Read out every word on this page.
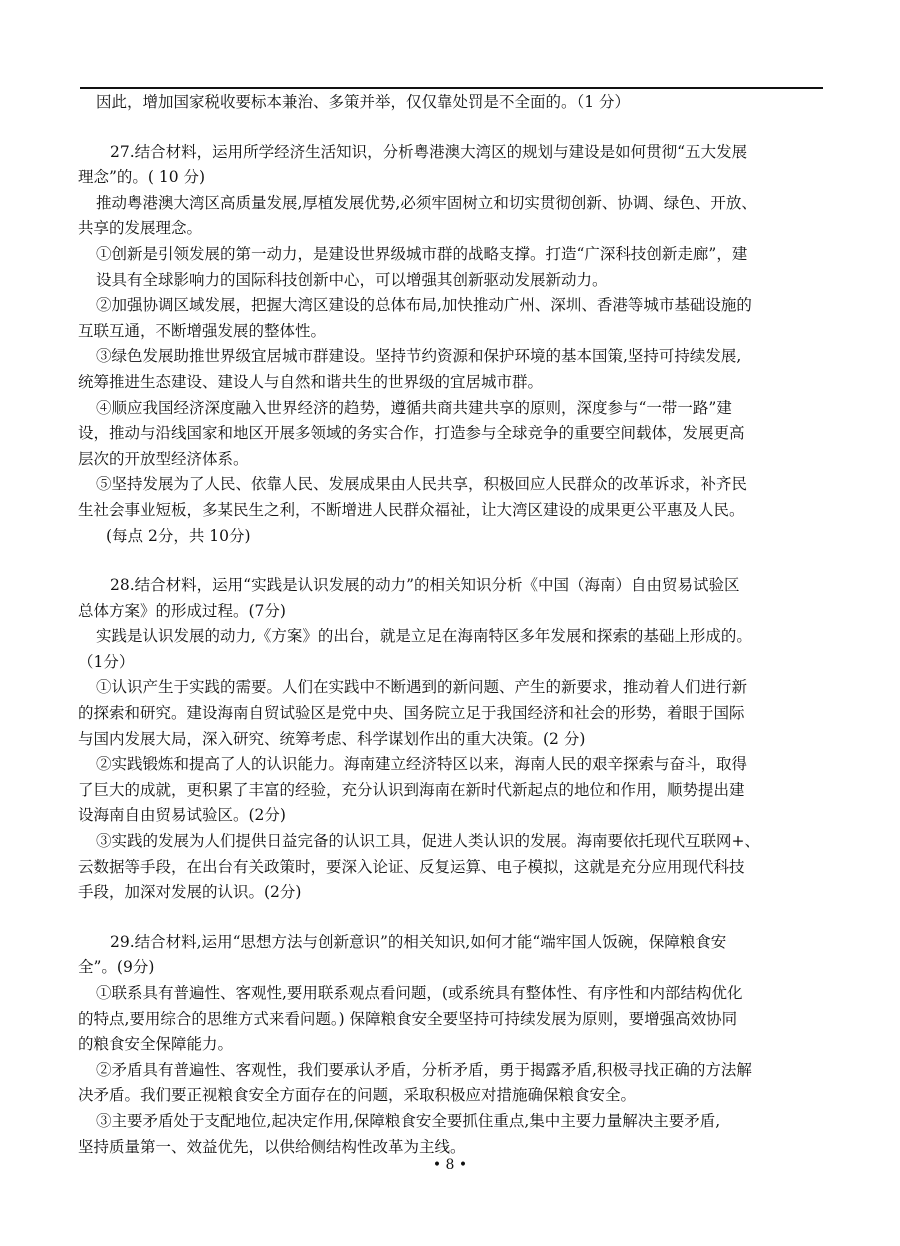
因此，增加国家税收要标本兼治、多策并举，仅仅靠处罚是不全面的。（1 分）
27.结合材料，运用所学经济生活知识，分析粤港澳大湾区的规划与建设是如何贯彻“五大发展
理念”的。( 10 分)
推动粤港澳大湾区高质量发展,厚植发展优势,必须牢固树立和切实贯彻创新、协调、绿色、开放、
共享的发展理念。
①创新是引领发展的第一动力，是建设世界级城市群的战略支撑。打造“广深科技创新走廊”，建
设具有全球影响力的国际科技创新中心，可以增强其创新驱动发展新动力。
②加强协调区域发展，把握大湾区建设的总体布局,加快推动广州、深圳、香港等城市基础设施的
互联互通，不断增强发展的整体性。
③绿色发展助推世界级宜居城市群建设。坚持节约资源和保护环境的基本国策,坚持可持续发展,
统筹推进生态建设、建设人与自然和谐共生的世界级的宜居城市群。
④顺应我国经济深度融入世界经济的趋势，遵循共商共建共享的原则，深度参与“一带一路”建
设，推动与沿线国家和地区开展多领域的务实合作，打造参与全球竞争的重要空间载体，发展更高
层次的开放型经济体系。
⑤坚持发展为了人民、依靠人民、发展成果由人民共享，积极回应人民群众的改革诉求，补齐民
生社会事业短板，多某民生之利，不断增进人民群众福祉，让大湾区建设的成果更公平惠及人民。
(每点 2分，共 10分)
28.结合材料，运用“实践是认识发展的动力”的相关知识分析《中国（海南）自由贸易试验区
总体方案》的形成过程。(7分)
实践是认识发展的动力,《方案》的出台，就是立足在海南特区多年发展和探索的基础上形成的。
（1分）
①认识产生于实践的需要。人们在实践中不断遇到的新问题、产生的新要求，推动着人们进行新
的探索和研究。建设海南自贸试验区是党中央、国务院立足于我国经济和社会的形势，着眼于国际
与国内发展大局，深入研究、统筹考虑、科学谋划作出的重大决策。(2 分)
②实践锻炼和提高了人的认识能力。海南建立经济特区以来，海南人民的艰辛探索与奋斗，取得
了巨大的成就，更积累了丰富的经验，充分认识到海南在新时代新起点的地位和作用，顺势提出建
设海南自由贸易试验区。(2分)
③实践的发展为人们提供日益完备的认识工具，促进人类认识的发展。海南要依托现代互联网+、
云数据等手段，在出台有关政策时，要深入论证、反复运算、电子模拟，这就是充分应用现代科技
手段，加深对发展的认识。(2分)
29.结合材料,运用“思想方法与创新意识”的相关知识,如何才能“端牢国人饭碗，保障粮食安
全”。(9分)
①联系具有普遍性、客观性,要用联系观点看问题，(或系统具有整体性、有序性和内部结构优化
的特点,要用综合的思维方式来看问题。) 保障粮食安全要坚持可持续发展为原则，要增强高效协同
的粮食安全保障能力。
②矛盾具有普遍性、客观性，我们要承认矛盾，分析矛盾，勇于揭露矛盾,积极寻找正确的方法解
决矛盾。我们要正视粮食安全方面存在的问题，采取积极应对措施确保粮食安全。
③主要矛盾处于支配地位,起决定作用,保障粮食安全要抓住重点,集中主要力量解决主要矛盾,
坚持质量第一、效益优先，以供给侧结构性改革为主线。
• 8 •
